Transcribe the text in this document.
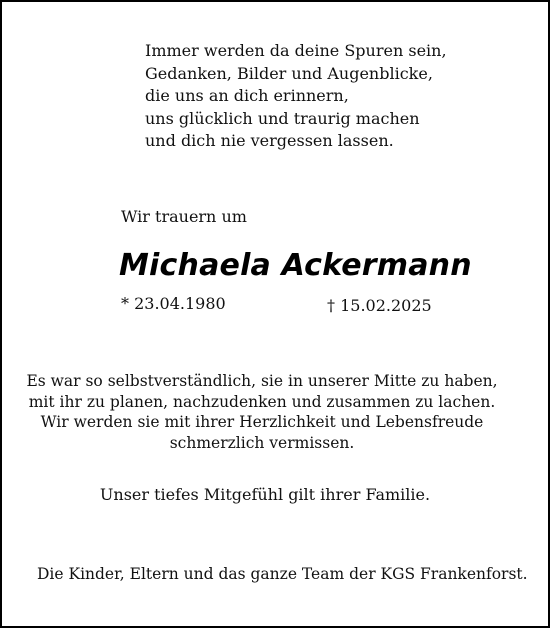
Immer werden da deine Spuren sein,
Gedanken, Bilder und Augenblicke,
die uns an dich erinnern,
uns glücklich und traurig machen
und dich nie vergessen lassen.
Wir trauern um
Michaela Ackermann
* 23.04.1980	† 15.02.2025
Es war so selbstverständlich, sie in unserer Mitte zu haben,
mit ihr zu planen, nachzudenken und zusammen zu lachen.
Wir werden sie mit ihrer Herzlichkeit und Lebensfreude
schmerzlich vermissen.
Unser tiefes Mitgefühl gilt ihrer Familie.
Die Kinder, Eltern und das ganze Team der KGS Frankenforst.
